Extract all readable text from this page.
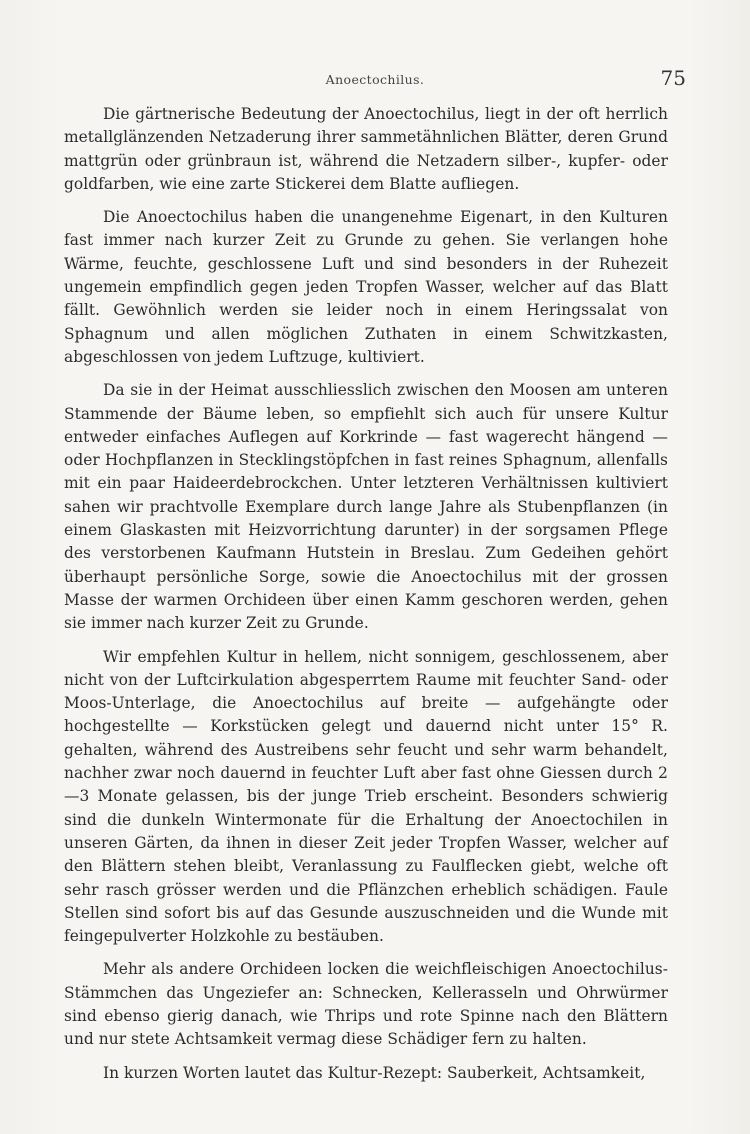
Anoectochilus.	75

Die gärtnerische Bedeutung der Anoectochilus, liegt in der oft herrlich metallglänzenden Netzaderung ihrer sammetähnlichen Blätter, deren Grund mattgrün oder grünbraun ist, während die Netzadern silber-, kupfer- oder goldfarben, wie eine zarte Stickerei dem Blatte aufliegen.

Die Anoectochilus haben die unangenehme Eigenart, in den Kulturen fast immer nach kurzer Zeit zu Grunde zu gehen. Sie verlangen hohe Wärme, feuchte, geschlossene Luft und sind besonders in der Ruhezeit ungemein empfindlich gegen jeden Tropfen Wasser, welcher auf das Blatt fällt. Gewöhnlich werden sie leider noch in einem Heringssalat von Sphagnum und allen möglichen Zuthaten in einem Schwitzkasten, abgeschlossen von jedem Luftzuge, kultiviert.

Da sie in der Heimat ausschliesslich zwischen den Moosen am unteren Stammende der Bäume leben, so empfiehlt sich auch für unsere Kultur entweder einfaches Auflegen auf Korkrinde — fast wagerecht hängend — oder Hochpflanzen in Stecklingstöpfchen in fast reines Sphagnum, allenfalls mit ein paar Haideerdebrockchen. Unter letzteren Verhältnissen kultiviert sahen wir prachtvolle Exemplare durch lange Jahre als Stubenpflanzen (in einem Glaskasten mit Heizvorrichtung darunter) in der sorgsamen Pflege des verstorbenen Kaufmann Hutstein in Breslau. Zum Gedeihen gehört überhaupt persönliche Sorge, sowie die Anoectochilus mit der grossen Masse der warmen Orchideen über einen Kamm geschoren werden, gehen sie immer nach kurzer Zeit zu Grunde.

Wir empfehlen Kultur in hellem, nicht sonnigem, geschlossenem, aber nicht von der Luftcirkulation abgesperrtem Raume mit feuchter Sand- oder Moos-Unterlage, die Anoectochilus auf breite — aufgehängte oder hochgestellte — Korkstücken gelegt und dauernd nicht unter 15° R. gehalten, während des Austreibens sehr feucht und sehr warm behandelt, nachher zwar noch dauernd in feuchter Luft aber fast ohne Giessen durch 2—3 Monate gelassen, bis der junge Trieb erscheint. Besonders schwierig sind die dunkeln Wintermonate für die Erhaltung der Anoectochilen in unseren Gärten, da ihnen in dieser Zeit jeder Tropfen Wasser, welcher auf den Blättern stehen bleibt, Veranlassung zu Faulflecken giebt, welche oft sehr rasch grösser werden und die Pflänzchen erheblich schädigen. Faule Stellen sind sofort bis auf das Gesunde auszuschneiden und die Wunde mit feingepulverter Holzkohle zu bestäuben.

Mehr als andere Orchideen locken die weichfleischigen Anoectochilus-Stämmchen das Ungeziefer an: Schnecken, Kellerasseln und Ohrwürmer sind ebenso gierig danach, wie Thrips und rote Spinne nach den Blättern und nur stete Achtsamkeit vermag diese Schädiger fern zu halten.

In kurzen Worten lautet das Kultur-Rezept: Sauberkeit, Achtsamkeit,
